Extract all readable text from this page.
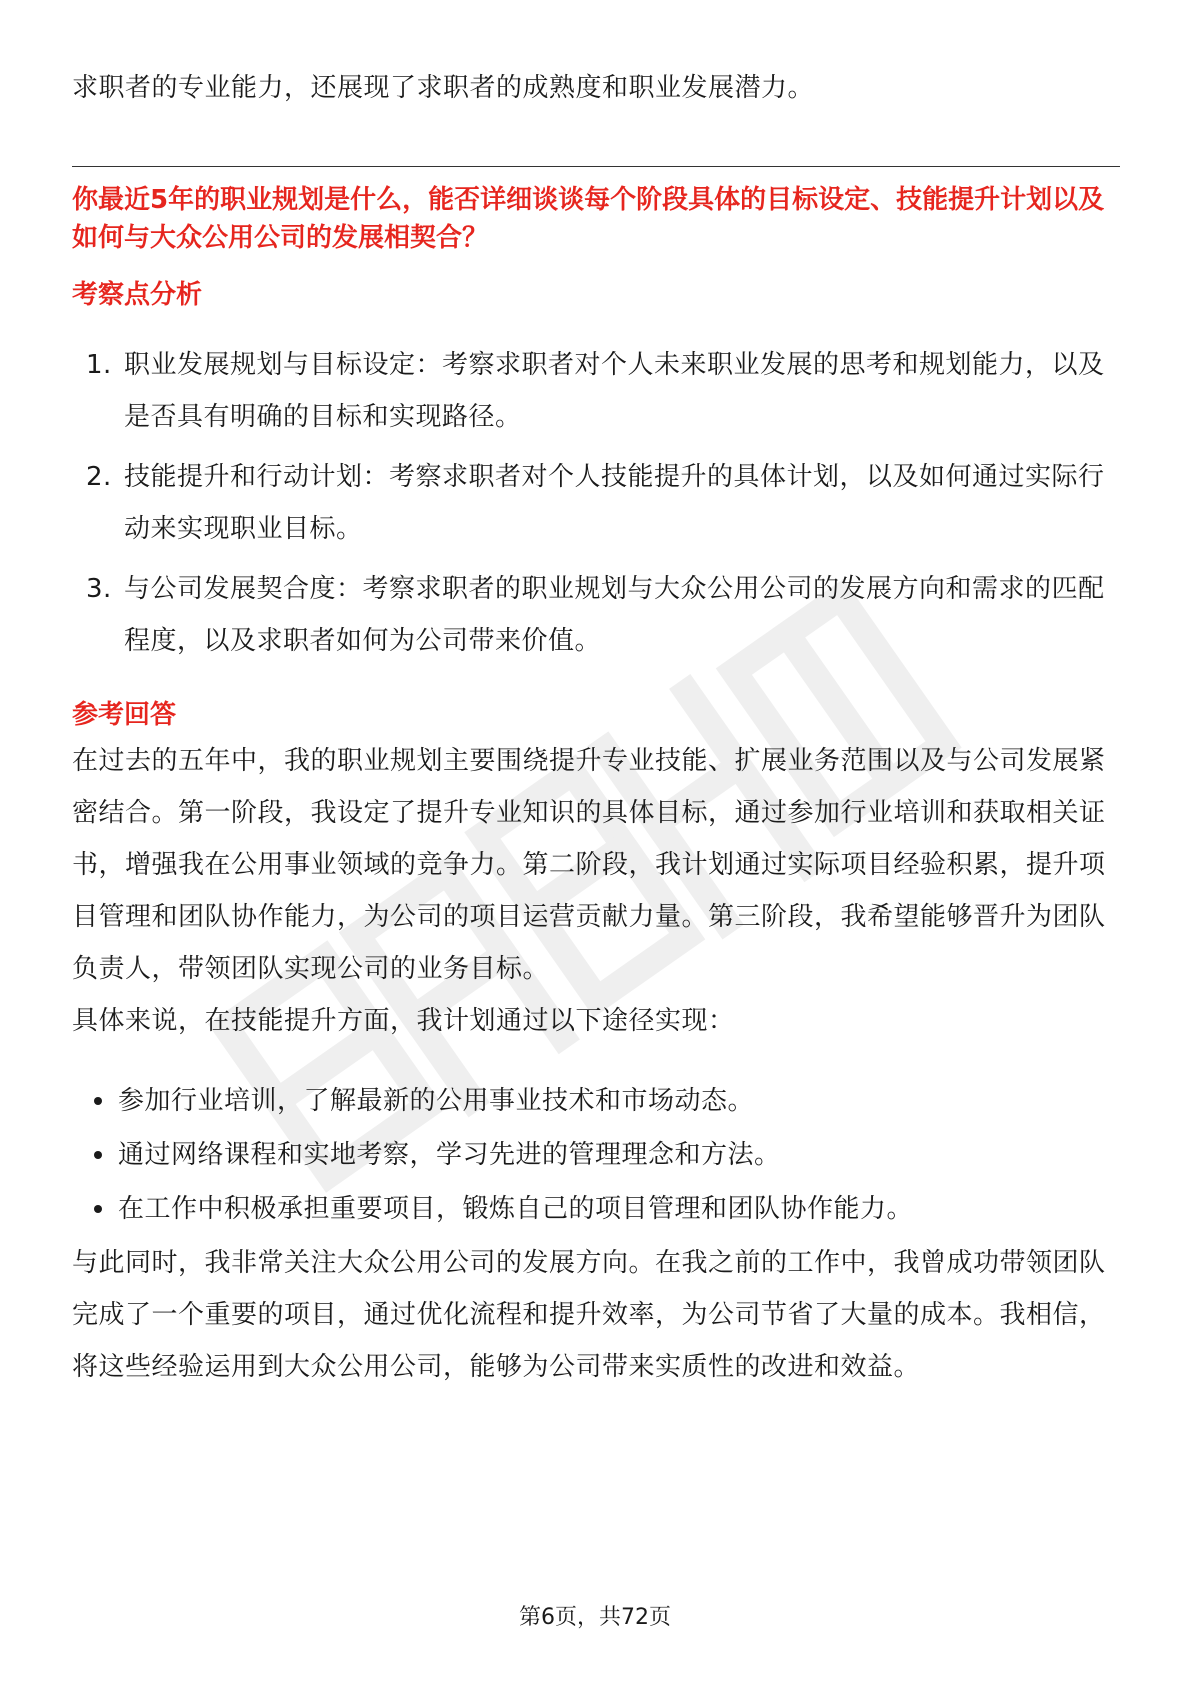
求职者的专业能力，还展现了求职者的成熟度和职业发展潜力。

你最近5年的职业规划是什么，能否详细谈谈每个阶段具体的目标设定、技能提升计划以及如何与大众公用公司的发展相契合？

考察点分析

1. 职业发展规划与目标设定：考察求职者对个人未来职业发展的思考和规划能力，以及是否具有明确的目标和实现路径。
2. 技能提升和行动计划：考察求职者对个人技能提升的具体计划，以及如何通过实际行动来实现职业目标。
3. 与公司发展契合度：考察求职者的职业规划与大众公用公司的发展方向和需求的匹配程度，以及求职者如何为公司带来价值。

参考回答

在过去的五年中，我的职业规划主要围绕提升专业技能、扩展业务范围以及与公司发展紧密结合。第一阶段，我设定了提升专业知识的具体目标，通过参加行业培训和获取相关证书，增强我在公用事业领域的竞争力。第二阶段，我计划通过实际项目经验积累，提升项目管理和团队协作能力，为公司的项目运营贡献力量。第三阶段，我希望能够晋升为团队负责人，带领团队实现公司的业务目标。

具体来说，在技能提升方面，我计划通过以下途径实现：

参加行业培训，了解最新的公用事业技术和市场动态。
通过网络课程和实地考察，学习先进的管理理念和方法。
在工作中积极承担重要项目，锻炼自己的项目管理和团队协作能力。

与此同时，我非常关注大众公用公司的发展方向。在我之前的工作中，我曾成功带领团队完成了一个重要的项目，通过优化流程和提升效率，为公司节省了大量的成本。我相信，将这些经验运用到大众公用公司，能够为公司带来实质性的改进和效益。

第6页，共72页
